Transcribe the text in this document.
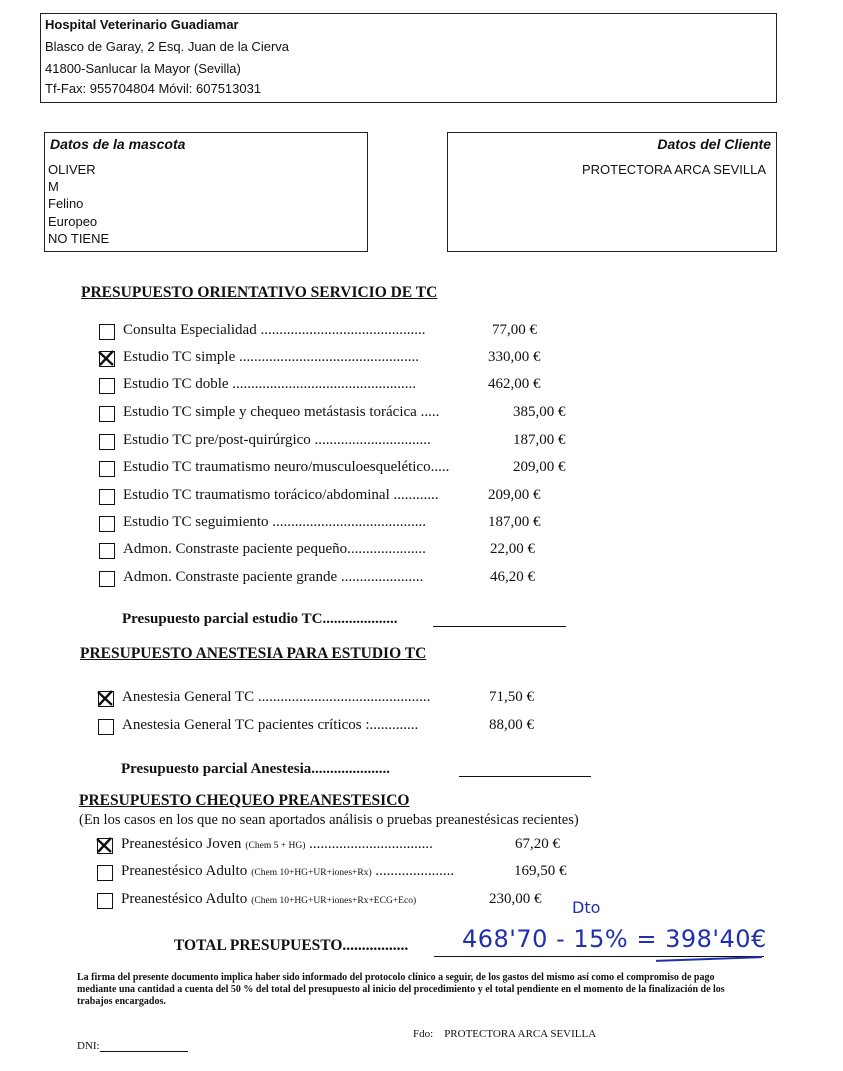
Hospital Veterinario Guadiamar
Blasco de Garay, 2 Esq. Juan de la Cierva
41800-Sanlucar la Mayor (Sevilla)
Tf-Fax: 955704804 Móvil: 607513031
Datos de la mascota
OLIVER
M
Felino
Europeo
NO TIENE
Datos del Cliente
PROTECTORA ARCA SEVILLA
PRESUPUESTO ORIENTATIVO SERVICIO DE TC
Consulta Especialidad ............................................	77,00 €
Estudio TC simple ................................................	330,00 €
Estudio TC doble .................................................	462,00 €
Estudio TC simple y chequeo metástasis torácica .....	385,00 €
Estudio TC pre/post-quirúrgico ...............................	187,00 €
Estudio TC traumatismo neuro/musculoesquelético.....	209,00 €
Estudio TC traumatismo torácico/abdominal ............	209,00 €
Estudio TC seguimiento .........................................	187,00 €
Admon. Constraste paciente pequeño.....................	22,00 €
Admon. Constraste paciente grande ......................	46,20 €
Presupuesto parcial estudio TC....................
PRESUPUESTO ANESTESIA PARA ESTUDIO TC
Anestesia General TC ..............................................	71,50 €
Anestesia General TC pacientes críticos :.............	88,00 €
Presupuesto parcial Anestesia.....................
PRESUPUESTO CHEQUEO PREANESTESICO
(En los casos en los que no sean aportados análisis o pruebas preanestésicas recientes)
Preanestésico Joven (Chem 5 + HG) .................................	67,20 €
Preanestésico Adulto (Chem 10+HG+UR+iones+Rx) .....................	169,50 €
Preanestésico Adulto (Chem 10+HG+UR+iones+Rx+ECG+Eco)	230,00 €
TOTAL PRESUPUESTO.................
Dto
468'70 - 15% = 398'40€
La firma del presente documento implica haber sido informado del protocolo clínico a seguir, de los gastos del mismo así como el compromiso de pago mediante una cantidad a cuenta del 50 % del total del presupuesto al inicio del procedimiento y el total pendiente en el momento de la finalización de los trabajos encargados.
Fdo: PROTECTORA ARCA SEVILLA
DNI:
